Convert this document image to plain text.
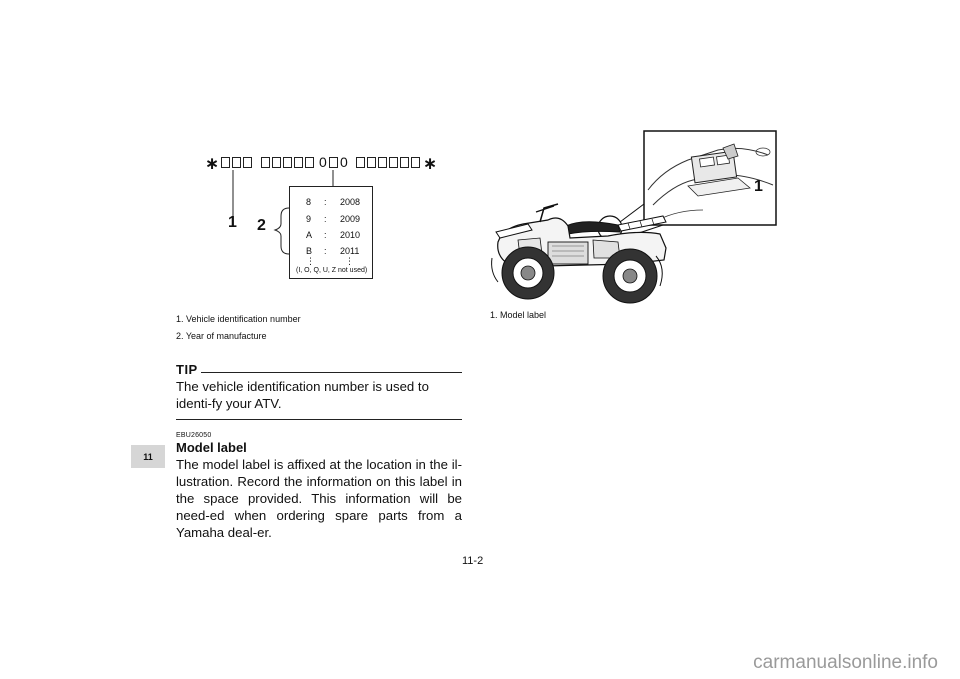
∗	0 0	∗
1 2
8 : 2008
9 : 2009
A : 2010
B : 2011
⋮	⋮
(I, O, Q, U, Z not used)
1. Vehicle identification number
2. Year of manufacture
1
1. Model label
TIP
The vehicle identification number is used to identi-fy your ATV.
EBU26050
Model label
The model label is affixed at the location in the il-lustration. Record the information on this label in the space provided. This information will be need-ed when ordering spare parts from a Yamaha deal-er.
11
11-2
carmanualsonline.info
